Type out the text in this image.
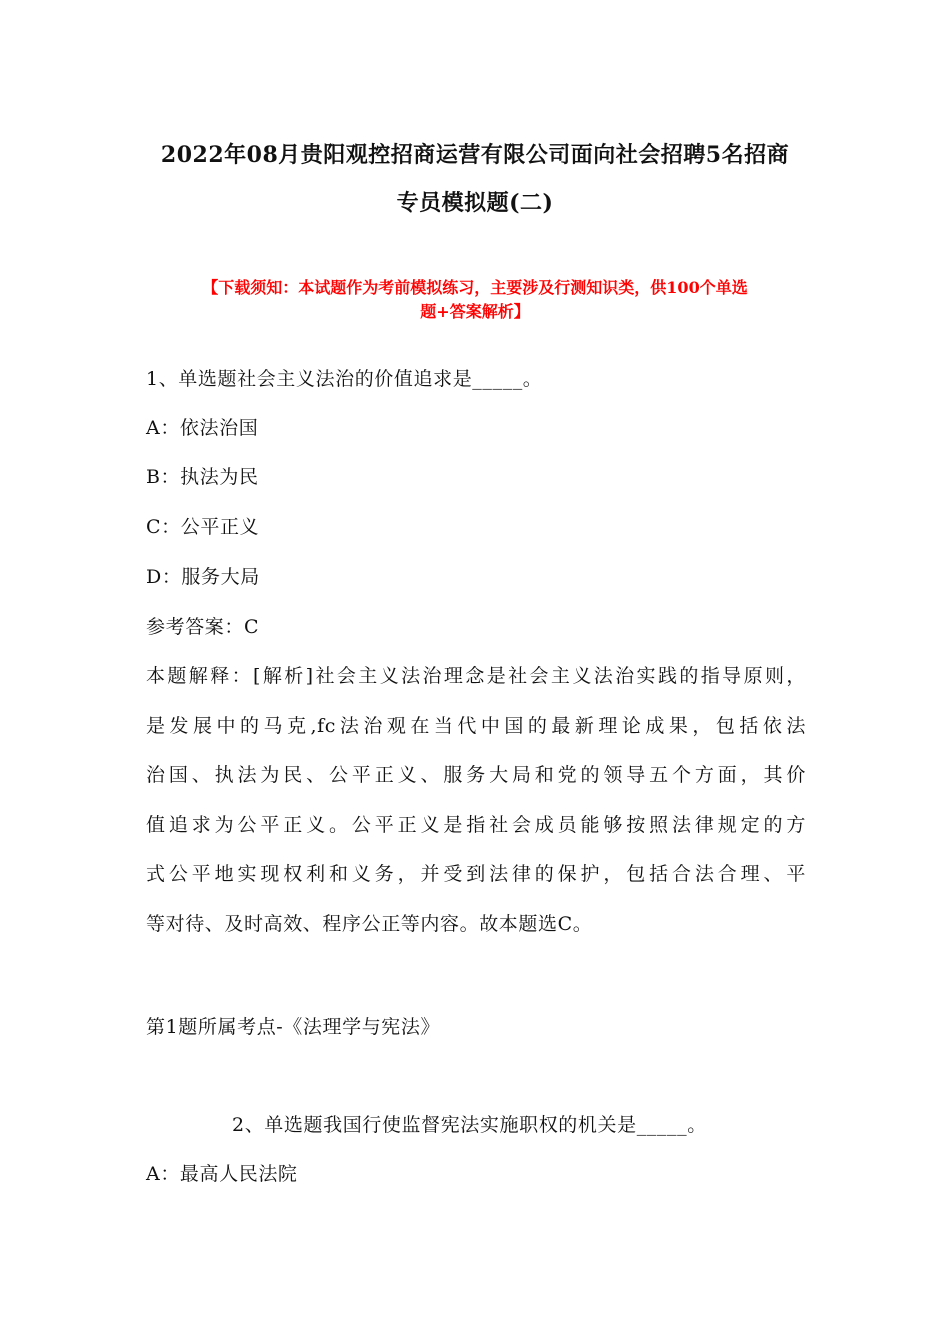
2022年08月贵阳观控招商运营有限公司面向社会招聘5名招商
专员模拟题(二)
【下载须知：本试题作为考前模拟练习，主要涉及行测知识类，供100个单选
题+答案解析】
1、单选题社会主义法治的价值追求是_____。
A：依法治国
B：执法为民
C：公平正义
D：服务大局
参考答案：C
本题解释：[解析]社会主义法治理念是社会主义法治实践的指导原则，
是发展中的马克,fc法治观在当代中国的最新理论成果，包括依法
治国、执法为民、公平正义、服务大局和党的领导五个方面，其价
值追求为公平正义。公平正义是指社会成员能够按照法律规定的方
式公平地实现权利和义务，并受到法律的保护，包括合法合理、平
等对待、及时高效、程序公正等内容。故本题选C。
第1题所属考点-《法理学与宪法》
2、单选题我国行使监督宪法实施职权的机关是_____。
A：最高人民法院
